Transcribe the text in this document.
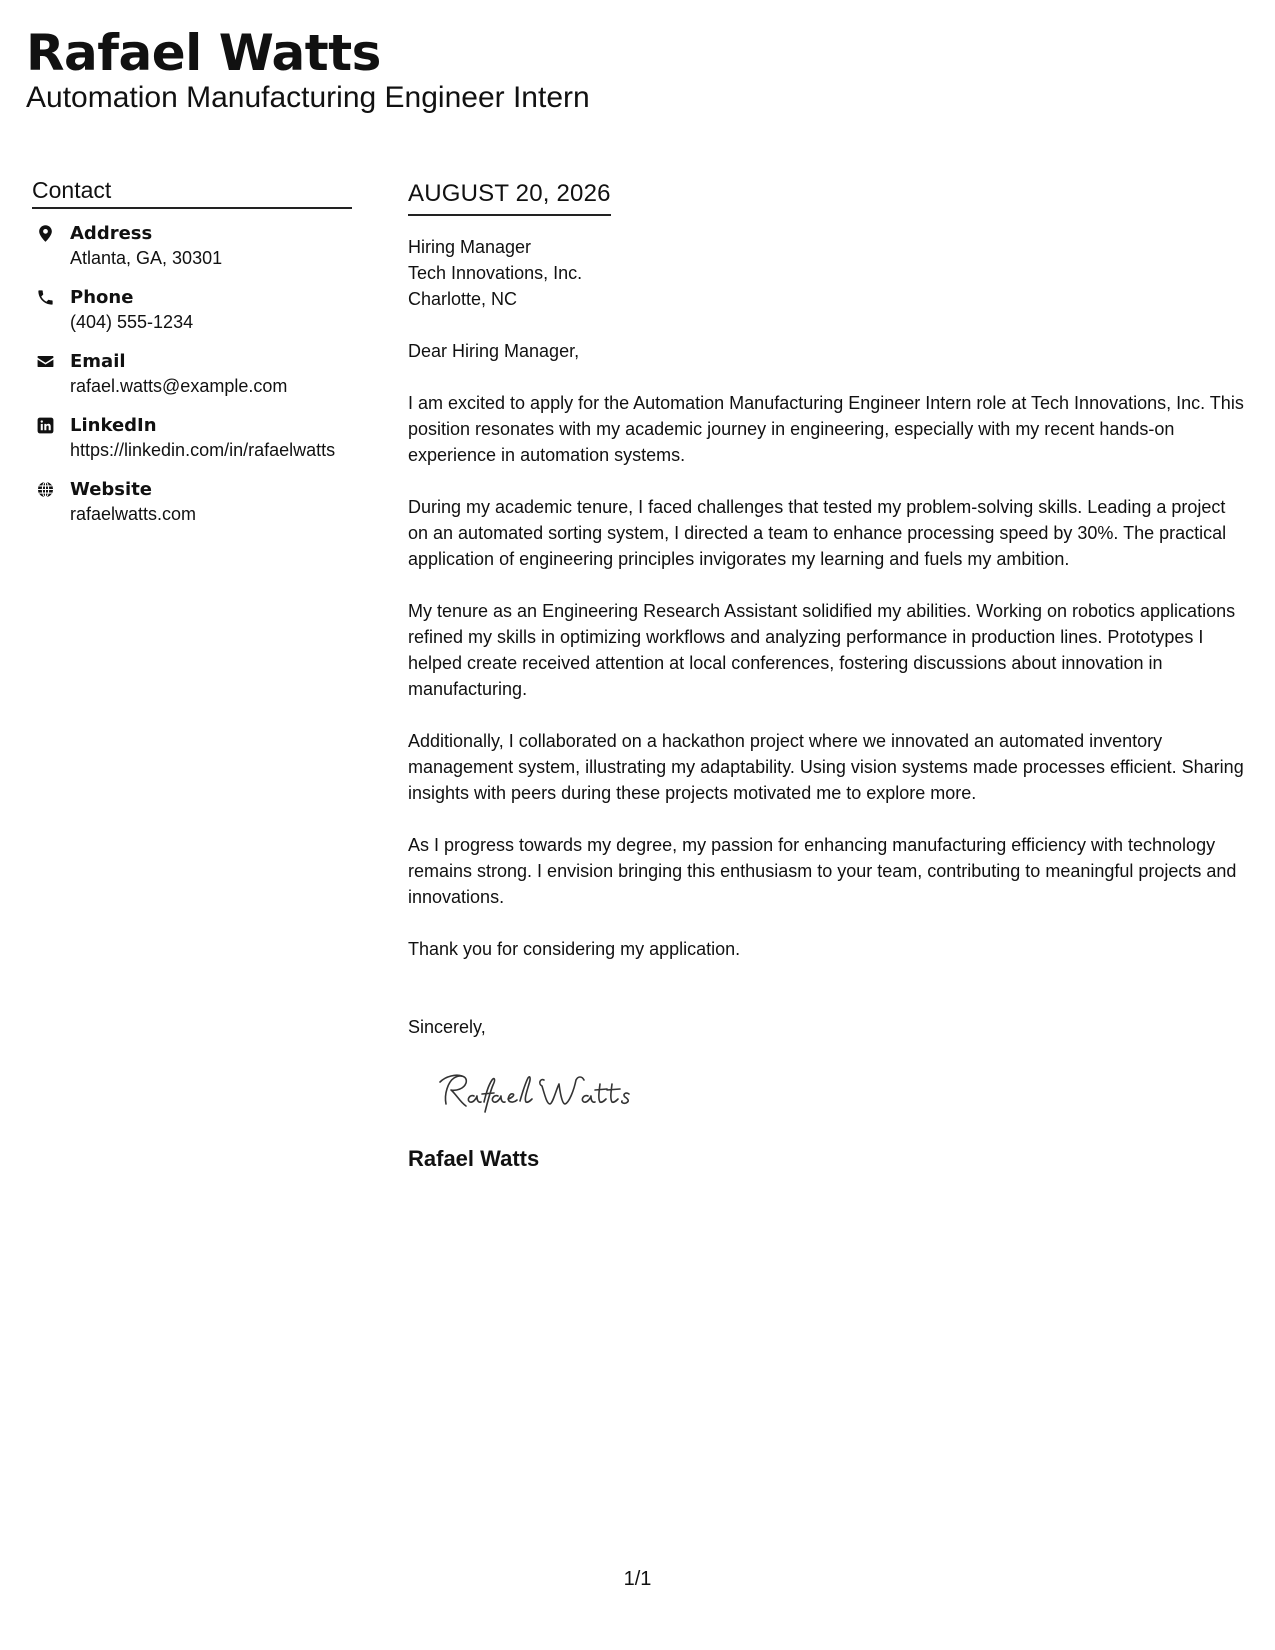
Rafael Watts
Automation Manufacturing Engineer Intern
Contact
Address
Atlanta, GA, 30301
Phone
(404) 555-1234
Email
rafael.watts@example.com
LinkedIn
https://linkedin.com/in/rafaelwatts
Website
rafaelwatts.com
AUGUST 20, 2026
Hiring Manager
Tech Innovations, Inc.
Charlotte, NC
Dear Hiring Manager,
I am excited to apply for the Automation Manufacturing Engineer Intern role at Tech Innovations, Inc. This position resonates with my academic journey in engineering, especially with my recent hands-on experience in automation systems.
During my academic tenure, I faced challenges that tested my problem-solving skills. Leading a project on an automated sorting system, I directed a team to enhance processing speed by 30%. The practical application of engineering principles invigorates my learning and fuels my ambition.
My tenure as an Engineering Research Assistant solidified my abilities. Working on robotics applications refined my skills in optimizing workflows and analyzing performance in production lines. Prototypes I helped create received attention at local conferences, fostering discussions about innovation in manufacturing.
Additionally, I collaborated on a hackathon project where we innovated an automated inventory management system, illustrating my adaptability. Using vision systems made processes efficient. Sharing insights with peers during these projects motivated me to explore more.
As I progress towards my degree, my passion for enhancing manufacturing efficiency with technology remains strong. I envision bringing this enthusiasm to your team, contributing to meaningful projects and innovations.
Thank you for considering my application.
Sincerely,
Rafael Watts
1/1
